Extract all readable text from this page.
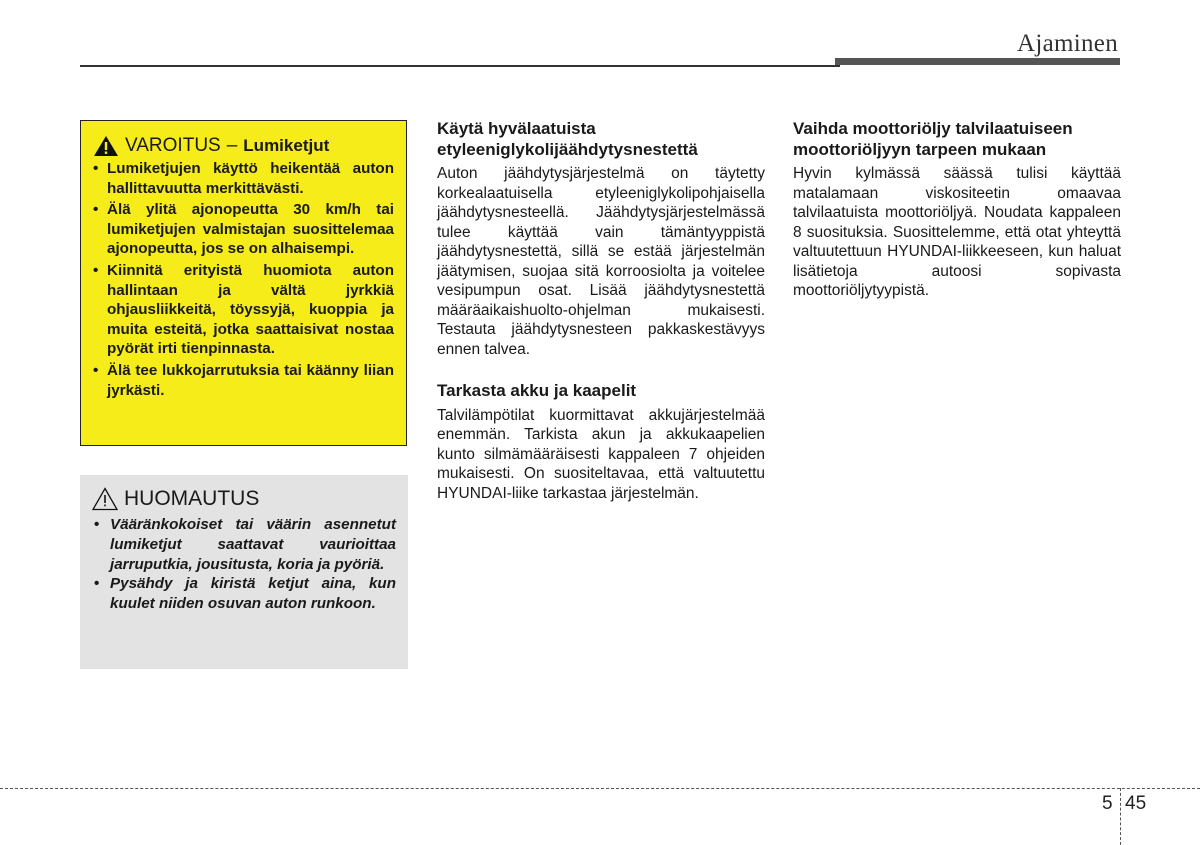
Ajaminen
VAROITUS – Lumiketjut
• Lumiketjujen käyttö heikentää auton hallittavuutta merkittävästi.
• Älä ylitä ajonopeutta 30 km/h tai lumiketjujen valmistajan suosittelemaa ajonopeutta, jos se on alhaisempi.
• Kiinnitä erityistä huomiota auton hallintaan ja vältä jyrkkiä ohjausliikkeitä, töyssyjä, kuoppia ja muita esteitä, jotka saattaisivat nostaa pyörät irti tienpinnasta.
• Älä tee lukkojarrutuksia tai käänny liian jyrkästi.
HUOMAUTUS
• Vääränkokoiset tai väärin asennetut lumiketjut saattavat vaurioittaa jarruputkia, jousitusta, koria ja pyöriä.
• Pysähdy ja kiristä ketjut aina, kun kuulet niiden osuvan auton runkoon.
Käytä hyvälaatuista etyleeniglykolijäähdytysnestettä

Auton jäähdytysjärjestelmä on täytetty korkealaatuisella etyleeniglykolipohjaisella jäähdytysnesteellä. Jäähdytysjärjestelmässä tulee käyttää vain tämäntyyppistä jäähdytysnestettä, sillä se estää järjestelmän jäätymisen, suojaa sitä korroosiolta ja voitelee vesipumpun osat. Lisää jäähdytysnestettä määräaikaishuolto-ohjelman mukaisesti. Testauta jäähdytysnesteen pakkaskestävyys ennen talvea.

Tarkasta akku ja kaapelit

Talvilämpötilat kuormittavat akkujärjestelmää enemmän. Tarkista akun ja akkukaapelien kunto silmämääräisesti kappaleen 7 ohjeiden mukaisesti. On suositeltavaa, että valtuutettu HYUNDAI-liike tarkastaa järjestelmän.

Vaihda moottoriöljy talvilaatuiseen moottoriöljyyn tarpeen mukaan

Hyvin kylmässä säässä tulisi käyttää matalamaan viskositeetin omaavaa talvilaatuista moottoriöljyä. Noudata kappaleen 8 suosituksia. Suosittelemme, että otat yhteyttä valtuutettuun HYUNDAI-liikkeeseen, kun haluat lisätietoja autoosi sopivasta moottoriöljytyypistä.

5 45
